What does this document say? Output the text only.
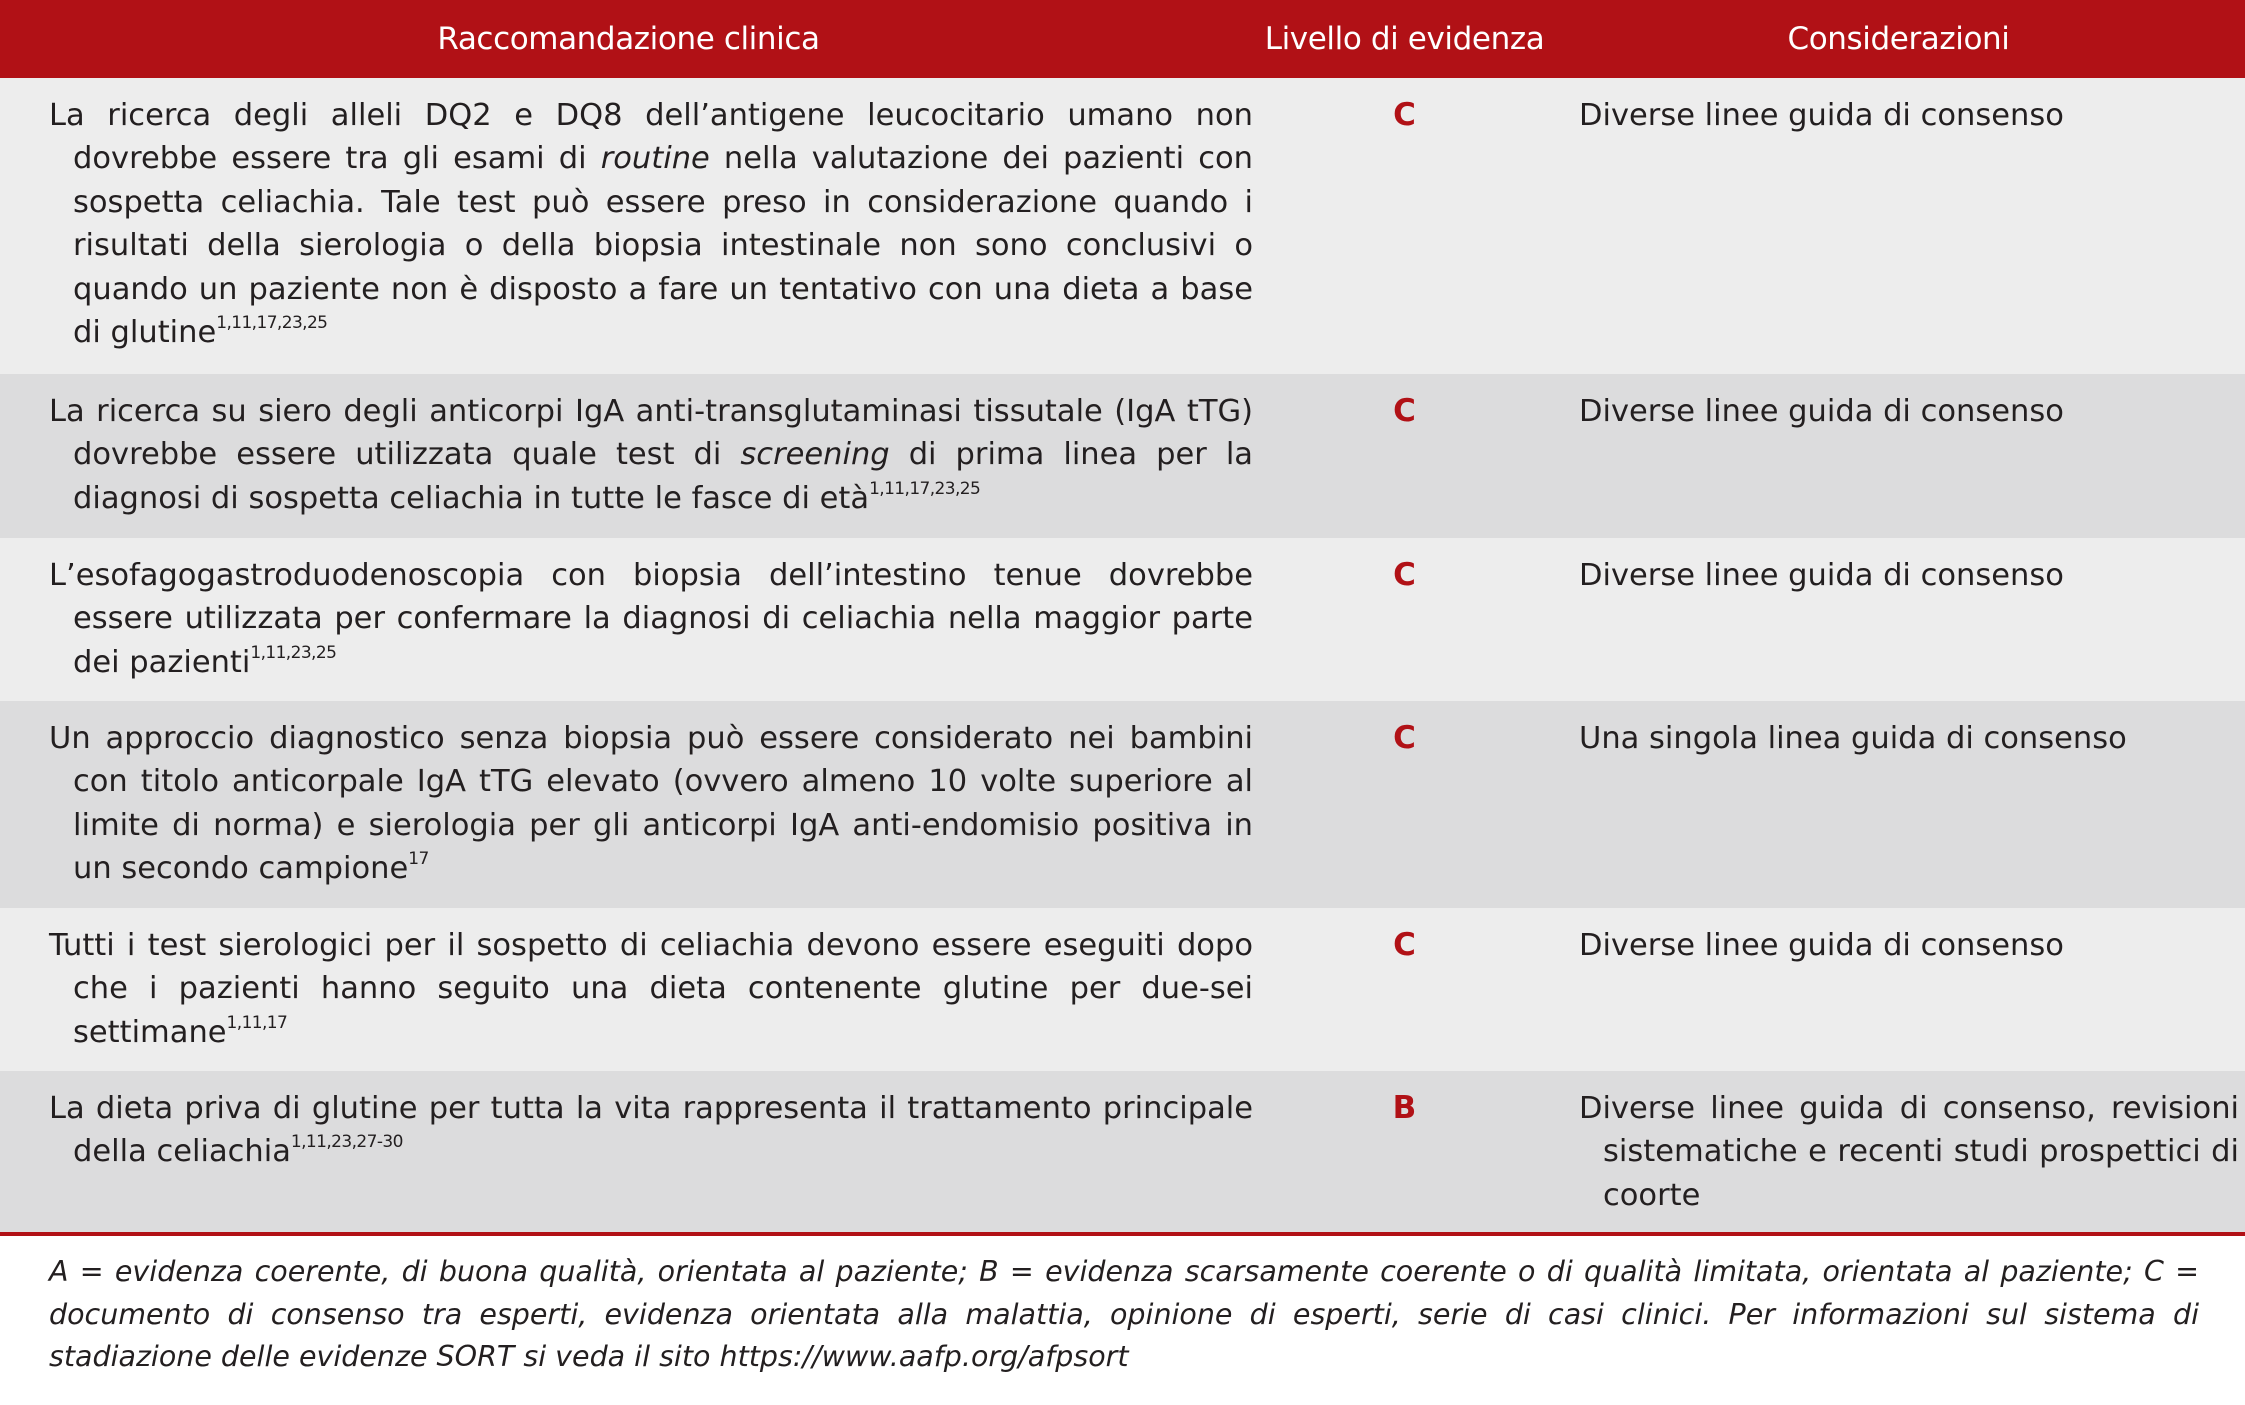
Raccomandazione clinica	Livello di evidenza	Considerazioni
La ricerca degli alleli DQ2 e DQ8 dell’antigene leucocitario umano non dovrebbe essere tra gli esami di routine nella valutazione dei pazienti con sospetta celiachia. Tale test può essere preso in considerazione quando i risultati della sierologia o della biopsia intestinale non sono conclusivi o quando un paziente non è disposto a fare un tentativo con una dieta a base di glutine$^{1,11,17,23,25}$
C	Diverse linee guida di consenso
La ricerca su siero degli anticorpi IgA anti-transglutaminasi tissutale (IgA tTG) dovrebbe essere utilizzata quale test di screening di prima linea per la diagnosi di sospetta celiachia in tutte le fasce di età$^{1,11,17,23,25}$
C	Diverse linee guida di consenso
L’esofagogastroduodenoscopia con biopsia dell’intestino tenue dovrebbe essere utilizzata per confermare la diagnosi di celiachia nella maggior parte dei pazienti$^{1,11,23,25}$
C	Diverse linee guida di consenso
Un approccio diagnostico senza biopsia può essere considerato nei bambini con titolo anticorpale IgA tTG elevato (ovvero almeno 10 volte superiore al limite di norma) e sierologia per gli anticorpi IgA anti-endomisio positiva in un secondo campione$^{17}$
C	Una singola linea guida di consenso
Tutti i test sierologici per il sospetto di celiachia devono essere eseguiti dopo che i pazienti hanno seguito una dieta contenente glutine per due-sei settimane$^{1,11,17}$
C	Diverse linee guida di consenso
La dieta priva di glutine per tutta la vita rappresenta il trattamento principale della celiachia$^{1,11,23,27-30}$
B	Diverse linee guida di consenso, revisioni sistematiche e recenti studi prospettici di coorte
A = evidenza coerente, di buona qualità, orientata al paziente; B = evidenza scarsamente coerente o di qualità limitata, orientata al paziente; C = documento di consenso tra esperti, evidenza orientata alla malattia, opinione di esperti, serie di casi clinici. Per informazioni sul sistema di stadiazione delle evidenze SORT si veda il sito https://www.aafp.org/afpsort
